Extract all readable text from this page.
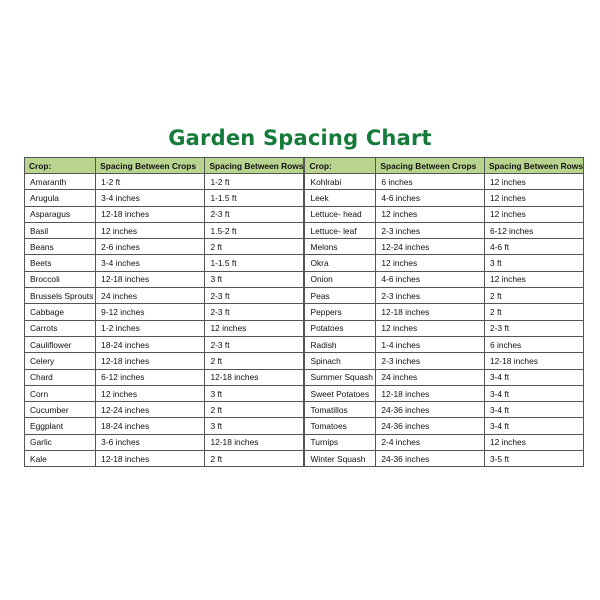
Garden Spacing Chart
Crop:	Spacing Between Crops	Spacing Between Rows
Amaranth	1-2 ft	1-2 ft
Arugula	3-4 inches	1-1.5 ft
Asparagus	12-18 inches	2-3 ft
Basil	12 inches	1.5-2 ft
Beans	2-6 inches	2 ft
Beets	3-4 inches	1-1.5 ft
Broccoli	12-18 inches	3 ft
Brussels Sprouts	24 inches	2-3 ft
Cabbage	9-12 inches	2-3 ft
Carrots	1-2 inches	12 inches
Cauliflower	18-24 inches	2-3 ft
Celery	12-18 inches	2 ft
Chard	6-12 inches	12-18 inches
Corn	12 inches	3 ft
Cucumber	12-24 inches	2 ft
Eggplant	18-24 inches	3 ft
Garlic	3-6 inches	12-18 inches
Kale	12-18 inches	2 ft
Crop:	Spacing Between Crops	Spacing Between Rows
Kohlrabi	6 inches	12 inches
Leek	4-6 inches	12 inches
Lettuce- head	12 inches	12 inches
Lettuce- leaf	2-3 inches	6-12 inches
Melons	12-24 inches	4-6 ft
Okra	12 inches	3 ft
Onion	4-6 inches	12 inches
Peas	2-3 inches	2 ft
Peppers	12-18 inches	2 ft
Potatoes	12 inches	2-3 ft
Radish	1-4 inches	6 inches
Spinach	2-3 inches	12-18 inches
Summer Squash	24 inches	3-4 ft
Sweet Potatoes	12-18 inches	3-4 ft
Tomatillos	24-36 inches	3-4 ft
Tomatoes	24-36 inches	3-4 ft
Turnips	2-4 inches	12 inches
Winter Squash	24-36 inches	3-5 ft
